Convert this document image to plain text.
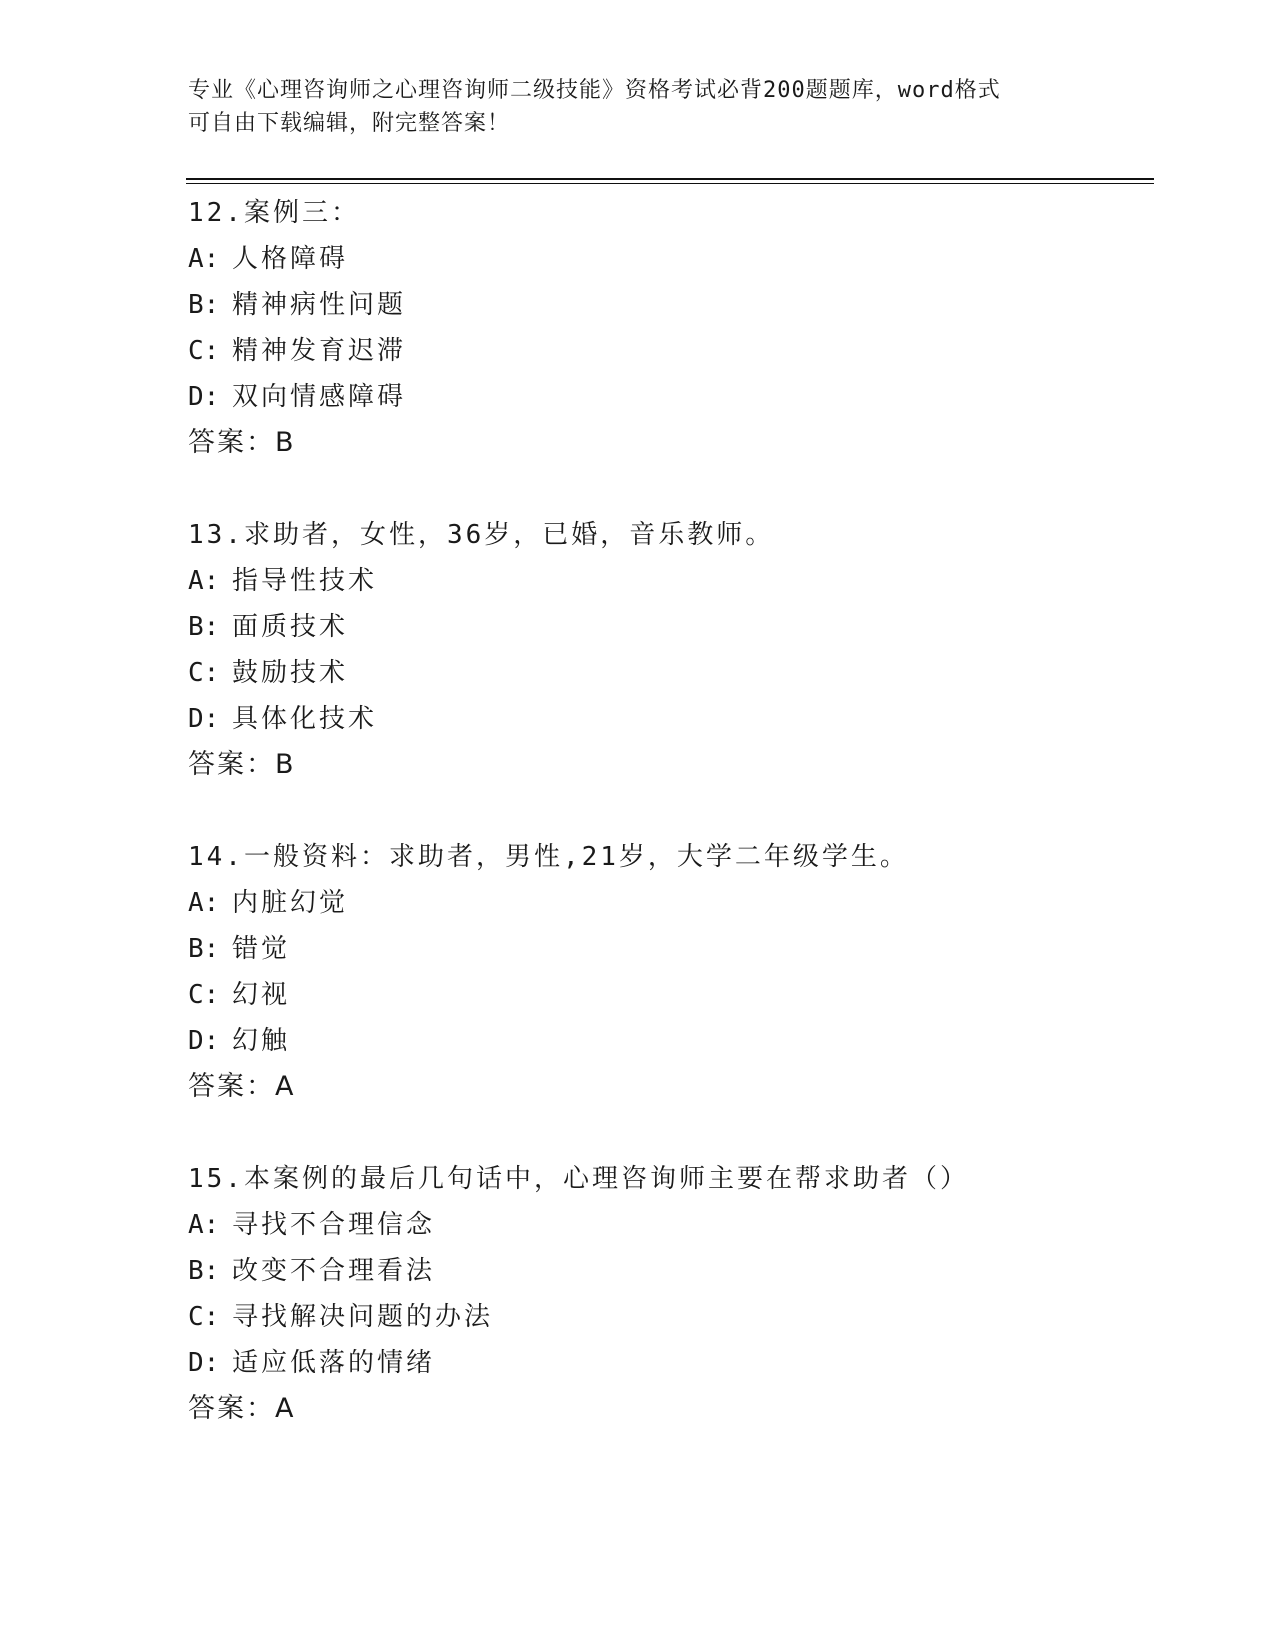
专业《心理咨询师之心理咨询师二级技能》资格考试必背200题题库，word格式
可自由下载编辑，附完整答案！
12.案例三：
A: 人格障碍
B: 精神病性问题
C: 精神发育迟滞
D: 双向情感障碍
答案：B
13.求助者，女性，36岁，已婚，音乐教师。
A: 指导性技术
B: 面质技术
C: 鼓励技术
D: 具体化技术
答案：B
14.一般资料：求助者，男性,21岁，大学二年级学生。
A: 内脏幻觉
B: 错觉
C: 幻视
D: 幻触
答案：A
15.本案例的最后几句话中，心理咨询师主要在帮求助者（）
A: 寻找不合理信念
B: 改变不合理看法
C: 寻找解决问题的办法
D: 适应低落的情绪
答案：A
